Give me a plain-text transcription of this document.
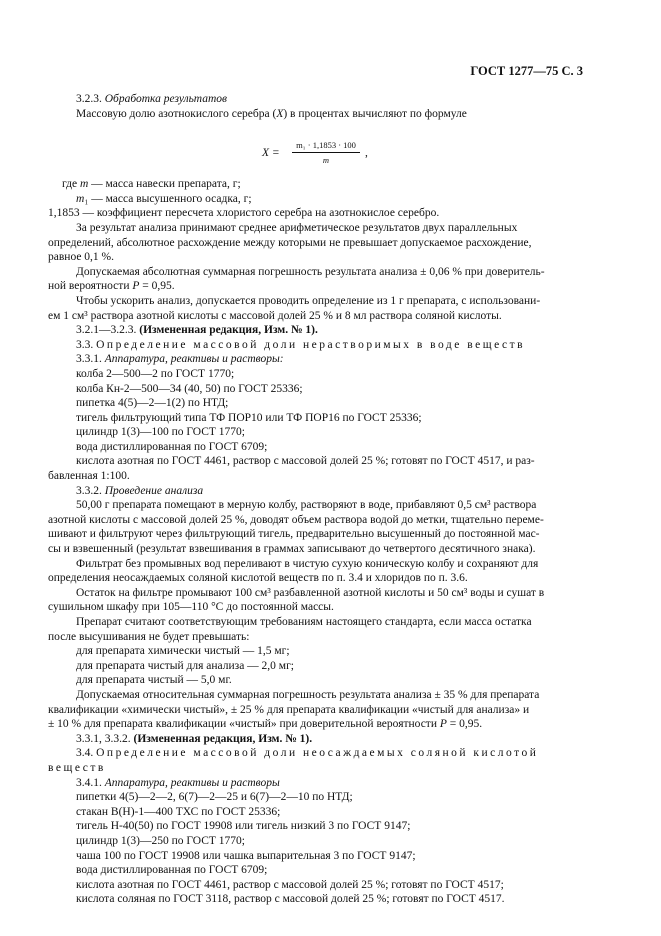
ГОСТ 1277—75 С. 3
$X = \frac{\text{m₁ · 1,1853 · 100}}{m}$ ,
3.2.3. Обработка результатов
Массовую долю азотнокислого серебра (X) в процентах вычисляют по формуле
где m — масса навески препарата, г;
m₁ — масса высушенного осадка, г;
1,1853 — коэффициент пересчета хлористого серебра на азотнокислое серебро.
За результат анализа принимают среднее арифметическое результатов двух параллельных
определений, абсолютное расхождение между которыми не превышает допускаемое расхождение,
равное 0,1 %.
Допускаемая абсолютная суммарная погрешность результата анализа ± 0,06 % при доверитель-
ной вероятности P = 0,95.
Чтобы ускорить анализ, допускается проводить определение из 1 г препарата, с использовани-
ем 1 см³ раствора азотной кислоты с массовой долей 25 % и 8 мл раствора соляной кислоты.
3.2.1—3.2.3. (Измененная редакция, Изм. № 1).
3.3. Определение массовой доли нерастворимых в воде веществ
3.3.1. Аппаратура, реактивы и растворы:
колба 2—500—2 по ГОСТ 1770;
колба Кн-2—500—34 (40, 50) по ГОСТ 25336;
пипетка 4(5)—2—1(2) по НТД;
тигель фильтрующий типа ТФ ПОР10 или ТФ ПОР16 по ГОСТ 25336;
цилиндр 1(3)—100 по ГОСТ 1770;
вода дистиллированная по ГОСТ 6709;
кислота азотная по ГОСТ 4461, раствор с массовой долей 25 %; готовят по ГОСТ 4517, и раз-
бавленная 1:100.
3.3.2. Проведение анализа
50,00 г препарата помещают в мерную колбу, растворяют в воде, прибавляют 0,5 см³ раствора
азотной кислоты с массовой долей 25 %, доводят объем раствора водой до метки, тщательно переме-
шивают и фильтруют через фильтрующий тигель, предварительно высушенный до постоянной мас-
сы и взвешенный (результат взвешивания в граммах записывают до четвертого десятичного знака).
Фильтрат без промывных вод переливают в чистую сухую коническую колбу и сохраняют для
определения неосаждаемых соляной кислотой веществ по п. 3.4 и хлоридов по п. 3.6.
Остаток на фильтре промывают 100 см³ разбавленной азотной кислоты и 50 см³ воды и сушат в
сушильном шкафу при 105—110 °С до постоянной массы.
Препарат считают соответствующим требованиям настоящего стандарта, если масса остатка
после высушивания не будет превышать:
для препарата химически чистый — 1,5 мг;
для препарата чистый для анализа — 2,0 мг;
для препарата чистый — 5,0 мг.
Допускаемая относительная суммарная погрешность результата анализа ± 35 % для препарата
квалификации «химически чистый», ± 25 % для препарата квалификации «чистый для анализа» и
± 10 % для препарата квалификации «чистый» при доверительной вероятности P = 0,95.
3.3.1, 3.3.2. (Измененная редакция, Изм. № 1).
3.4. Определение массовой доли неосаждаемых соляной кислотой
веществ
3.4.1. Аппаратура, реактивы и растворы
пипетки 4(5)—2—2, 6(7)—2—25 и 6(7)—2—10 по НТД;
стакан В(Н)-1—400 ТХС по ГОСТ 25336;
тигель Н-40(50) по ГОСТ 19908 или тигель низкий 3 по ГОСТ 9147;
цилиндр 1(3)—250 по ГОСТ 1770;
чаша 100 по ГОСТ 19908 или чашка выпарительная 3 по ГОСТ 9147;
вода дистиллированная по ГОСТ 6709;
кислота азотная по ГОСТ 4461, раствор с массовой долей 25 %; готовят по ГОСТ 4517;
кислота соляная по ГОСТ 3118, раствор с массовой долей 25 %; готовят по ГОСТ 4517.
